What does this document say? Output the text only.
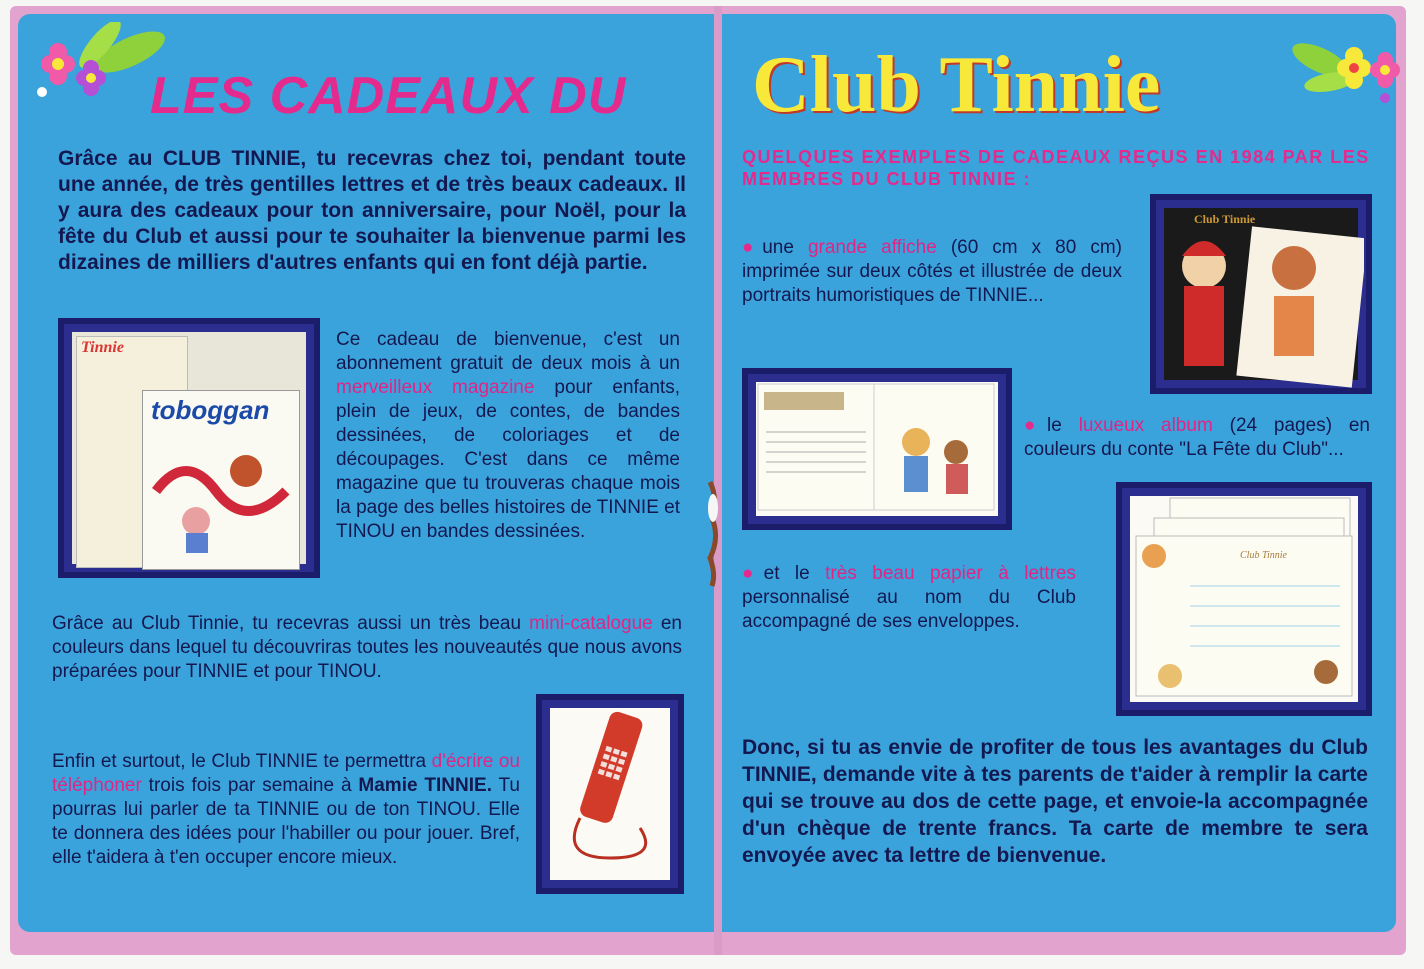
LES CADEAUX DU Club Tinnie
Grâce au CLUB TINNIE, tu recevras chez toi, pendant toute une année, de très gentilles lettres et de très beaux cadeaux. Il y aura des cadeaux pour ton anniversaire, pour Noël, pour la fête du Club et aussi pour te souhaiter la bienvenue parmi les dizaines de milliers d'autres enfants qui en font déjà partie.
Tinnie
toboggan
Ce cadeau de bienvenue, c'est un abonnement gratuit de deux mois à un merveilleux magazine pour enfants, plein de jeux, de contes, de bandes dessinées, de coloriages et de découpages. C'est dans ce même magazine que tu trouveras chaque mois la page des belles histoires de TINNIE et TINOU en bandes dessinées.
Grâce au Club Tinnie, tu recevras aussi un très beau mini-catalogue en couleurs dans lequel tu découvriras toutes les nouveautés que nous avons préparées pour TINNIE et pour TINOU.
Enfin et surtout, le Club TINNIE te permettra d'écrire ou téléphoner trois fois par semaine à Mamie TINNIE. Tu pourras lui parler de ta TINNIE ou de ton TINOU. Elle te donnera des idées pour l'habiller ou pour jouer. Bref, elle t'aidera à t'en occuper encore mieux.
QUELQUES EXEMPLES DE CADEAUX REÇUS EN 1984 PAR LES MEMBRES DU CLUB TINNIE :
Club Tinnie
●une grande affiche (60 cm x 80 cm) imprimée sur deux côtés et illustrée de deux portraits humoristiques de TINNIE...
●le luxueux album (24 pages) en couleurs du conte "La Fête du Club"...
Club Tinnie
●et le très beau papier à lettres personnalisé au nom du Club accompagné de ses enveloppes.
Donc, si tu as envie de profiter de tous les avantages du Club TINNIE, demande vite à tes parents de t'aider à remplir la carte qui se trouve au dos de cette page, et envoie-la accompagnée d'un chèque de trente francs. Ta carte de membre te sera envoyée avec ta lettre de bienvenue.
